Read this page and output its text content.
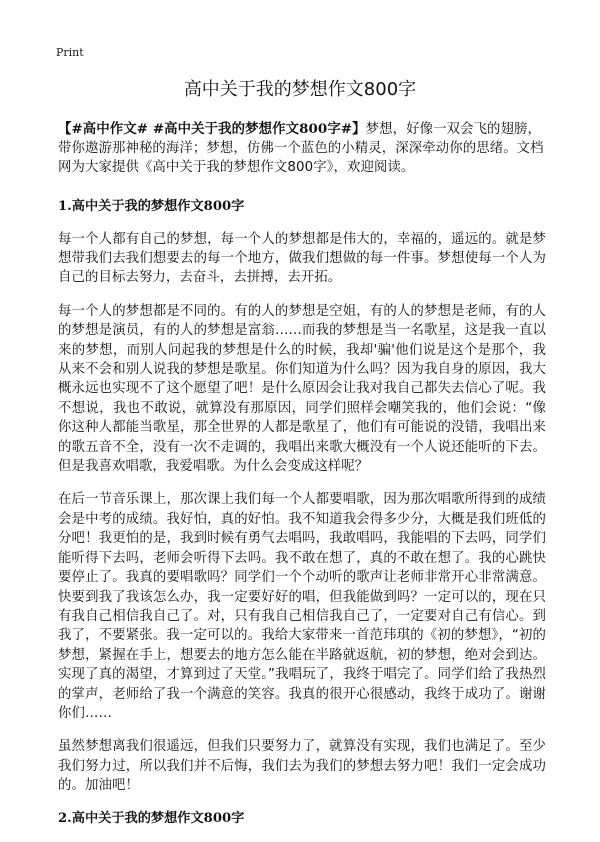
Print
高中关于我的梦想作文800字

【#高中作文# #高中关于我的梦想作文800字#】梦想，好像一双会飞的翅膀，带你遨游那神秘的海洋；梦想，仿佛一个蓝色的小精灵，深深牵动你的思绪。文档网为大家提供《高中关于我的梦想作文800字》，欢迎阅读。

1.高中关于我的梦想作文800字

每一个人都有自己的梦想，每一个人的梦想都是伟大的，幸福的，遥远的。就是梦想带我们去我们想要去的每一个地方，做我们想做的每一件事。梦想使每一个人为自己的目标去努力，去奋斗，去拼搏，去开拓。

每一个人的梦想都是不同的。有的人的梦想是空姐，有的人的梦想是老师，有的人的梦想是演员，有的人的梦想是富翁……而我的梦想是当一名歌星，这是我一直以来的梦想，而别人问起我的梦想是什么的时候，我却'骗'他们说是这个是那个，我从来不会和别人说我的梦想是歌星。你们知道为什么吗？因为我自身的原因，我大概永远也实现不了这个愿望了吧！是什么原因会让我对我自己都失去信心了呢。我不想说，我也不敢说，就算没有那原因，同学们照样会嘲笑我的，他们会说：“像你这种人都能当歌星，那全世界的人都是歌星了，他们有可能说的没错，我唱出来的歌五音不全，没有一次不走调的，我唱出来歌大概没有一个人说还能听的下去。但是我喜欢唱歌，我爱唱歌。为什么会变成这样呢？

在后一节音乐课上，那次课上我们每一个人都要唱歌，因为那次唱歌所得到的成绩会是中考的成绩。我好怕，真的好怕。我不知道我会得多少分，大概是我们班低的分吧！我更怕的是，我到时候有勇气去唱吗，我敢唱吗，我能唱的下去吗，同学们能听得下去吗，老师会听得下去吗。我不敢在想了，真的不敢在想了。我的心跳快要停止了。我真的要唱歌吗？同学们一个个动听的歌声让老师非常开心非常满意。快要到我了我该怎么办，我一定要好好的唱，但我能做到吗？一定可以的，现在只有我自己相信我自己了。对，只有我自己相信我自己了，一定要对自己有信心。到我了，不要紧张。我一定可以的。我给大家带来一首范玮琪的《初的梦想》，“初的梦想，紧握在手上，想要去的地方怎么能在半路就返航，初的梦想，绝对会到达。实现了真的渴望，才算到过了天堂。”我唱玩了，我终于唱完了。同学们给了我热烈的掌声，老师给了我一个满意的笑容。我真的很开心很感动，我终于成功了。谢谢你们……

虽然梦想离我们很遥远，但我们只要努力了，就算没有实现，我们也满足了。至少我们努力过，所以我们并不后悔，我们去为我们的梦想去努力吧！我们一定会成功的。加油吧！

2.高中关于我的梦想作文800字
